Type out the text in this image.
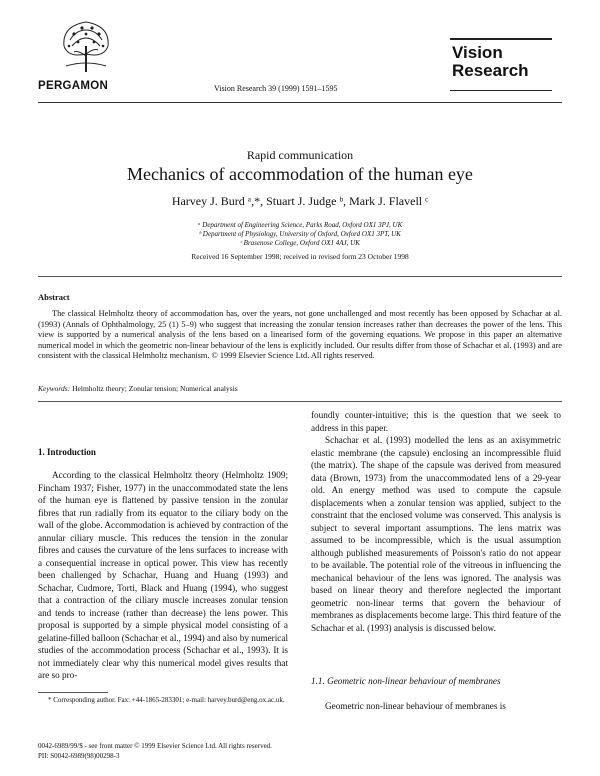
PERGAMON	Vision Research 39 (1999) 1591–1595
Vision
Research
Rapid communication
Mechanics of accommodation of the human eye
Harvey J. Burd ᵃ,*, Stuart J. Judge ᵇ, Mark J. Flavell ᶜ
ᵃ Department of Engineering Science, Parks Road, Oxford OX1 3PJ, UK
ᵇ Department of Physiology, University of Oxford, Oxford OX1 3PT, UK
ᶜ Brasenose College, Oxford OX1 4AJ, UK
Received 16 September 1998; received in revised form 23 October 1998
Abstract

The classical Helmholtz theory of accommodation has, over the years, not gone unchallenged and most recently has been opposed by Schachar at al. (1993) (Annals of Ophthalmology, 25 (1) 5–9) who suggest that increasing the zonular tension increases rather than decreases the power of the lens. This view is supported by a numerical analysis of the lens based on a linearised form of the governing equations. We propose in this paper an alternative numerical model in which the geometric non-linear behaviour of the lens is explicitly included. Our results differ from those of Schachar et al. (1993) and are consistent with the classical Helmholtz mechanism. © 1999 Elsevier Science Ltd. All rights reserved.

Keywords: Helmholtz theory; Zonular tension; Numerical analysis
1. Introduction

According to the classical Helmholtz theory (Helmholtz 1909; Fincham 1937; Fisher, 1977) in the unaccommodated state the lens of the human eye is flattened by passive tension in the zonular fibres that run radially from its equator to the ciliary body on the wall of the globe. Accommodation is achieved by contraction of the annular ciliary muscle. This reduces the tension in the zonular fibres and causes the curvature of the lens surfaces to increase with a consequential increase in optical power. This view has recently been challenged by Schachar, Huang and Huang (1993) and Schachar, Cudmore, Torti, Black and Huang (1994), who suggest that a contraction of the ciliary muscle increases zonular tension and tends to increase (rather than decrease) the lens power. This proposal is supported by a simple physical model consisting of a gelatine-filled balloon (Schachar et al., 1994) and also by numerical studies of the accommodation process (Schachar et al., 1993). It is not immediately clear why this numerical model gives results that are so pro-

foundly counter-intuitive; this is the question that we seek to address in this paper.

Schachar et al. (1993) modelled the lens as an axisymmetric elastic membrane (the capsule) enclosing an incompressible fluid (the matrix). The shape of the capsule was derived from measured data (Brown, 1973) from the unaccommodated lens of a 29-year old. An energy method was used to compute the capsule displacements when a zonular tension was applied, subject to the constraint that the enclosed volume was conserved. This analysis is subject to several important assumptions. The lens matrix was assumed to be incompressible, which is the usual assumption although published measurements of Poisson's ratio do not appear to be available. The potential role of the vitreous in influencing the mechanical behaviour of the lens was ignored. The analysis was based on linear theory and therefore neglected the important geometric non-linear terms that govern the behaviour of membranes as displacements become large. This third feature of the Schachar et al. (1993) analysis is discussed below.

1.1. Geometric non-linear behaviour of membranes

Geometric non-linear behaviour of membranes is

* Corresponding author. Fax: +44-1865-283301; e-mail: harvey.burd@eng.ox.ac.uk.

0042-6989/99/$ - see front matter © 1999 Elsevier Science Ltd. All rights reserved.
PII: S0042-6989(98)00298-3
